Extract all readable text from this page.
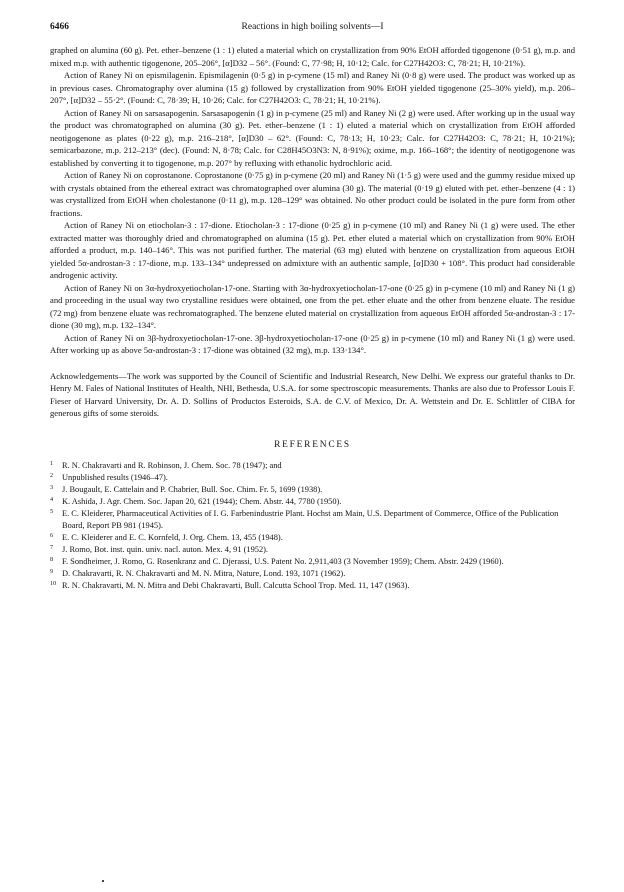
6466	Reactions in high boiling solvents—I

graphed on alumina (60 g). Pet. ether–benzene (1 : 1) eluted a material which on crystallization from 90% EtOH afforded tigogenone (0·51 g), m.p. and mixed m.p. with authentic tigogenone, 205–206°, [α]D32 – 56°. (Found: C, 77·98; H, 10·12; Calc. for C27H42O3: C, 78·21; H, 10·21%).

Action of Raney Ni on epismilagenin. Epismilagenin (0·5 g) in p-cymene (15 ml) and Raney Ni (0·8 g) were used. The product was worked up as in previous cases. Chromatography over alumina (15 g) followed by crystallization from 90% EtOH yielded tigogenone (25–30% yield), m.p. 206–207°, [α]D32 – 55·2°. (Found: C, 78·39; H, 10·26; Calc. for C27H42O3: C, 78·21; H, 10·21%).

Action of Raney Ni on sarsasapogenin. Sarsasapogenin (1 g) in p-cymene (25 ml) and Raney Ni (2 g) were used. After working up in the usual way the product was chromatographed on alumina (30 g). Pet. ether–benzene (1 : 1) eluted a material which on crystallization from EtOH afforded neotigogenone as plates (0·22 g), m.p. 216–218°, [α]D30 – 62°. (Found: C, 78·13; H, 10·23; Calc. for C27H42O3: C, 78·21; H, 10·21%); semicarbazone, m.p. 212–213° (dec). (Found: N, 8·78; Calc. for C28H45O3N3: N, 8·91%); oxime, m.p. 166–168°; the identity of neotigogenone was established by converting it to tigogenone, m.p. 207° by refluxing with ethanolic hydrochloric acid.

Action of Raney Ni on coprostanone. Coprostanone (0·75 g) in p-cymene (20 ml) and Raney Ni (1·5 g) were used and the gummy residue mixed up with crystals obtained from the ethereal extract was chromatographed over alumina (30 g). The material (0·19 g) eluted with pet. ether–benzene (4 : 1) was crystallized from EtOH when cholestanone (0·11 g), m.p. 128–129° was obtained. No other product could be isolated in the pure form from other fractions.

Action of Raney Ni on etiocholan-3 : 17-dione. Etiocholan-3 : 17-dione (0·25 g) in p-cymene (10 ml) and Raney Ni (1 g) were used. The ether extracted matter was thoroughly dried and chromatographed on alumina (15 g). Pet. ether eluted a material which on crystallization from 90% EtOH afforded a product, m.p. 140–146°. This was not purified further. The material (63 mg) eluted with benzene on crystallization from aqueous EtOH yielded 5α-androstan-3 : 17-dione, m.p. 133–134° undepressed on admixture with an authentic sample, [α]D30 + 108°. This product had considerable androgenic activity.

Action of Raney Ni on 3α-hydroxyetiocholan-17-one. Starting with 3α-hydroxyetiocholan-17-one (0·25 g) in p-cymene (10 ml) and Raney Ni (1 g) and proceeding in the usual way two crystalline residues were obtained, one from the pet. ether eluate and the other from benzene eluate. The residue (72 mg) from benzene eluate was rechromatographed. The benzene eluted material on crystallization from aqueous EtOH afforded 5α-androstan-3 : 17-dione (30 mg), m.p. 132–134°.

Action of Raney Ni on 3β-hydroxyetiocholan-17-one. 3β-hydroxyetiocholan-17-one (0·25 g) in p-cymene (10 ml) and Raney Ni (1 g) were used. After working up as above 5α-androstan-3 : 17-dione was obtained (32 mg), m.p. 133·134°.

Acknowledgements—The work was supported by the Council of Scientific and Industrial Research, New Delhi. We express our grateful thanks to Dr. Henry M. Fales of National Institutes of Health, NHI, Bethesda, U.S.A. for some spectroscopic measurements. Thanks are also due to Professor Louis F. Fieser of Harvard University, Dr. A. D. Sollins of Productos Esteroids, S.A. de C.V. of Mexico, Dr. A. Wettstein and Dr. E. Schlittler of CIBA for generous gifts of some steroids.

REFERENCES
1 R. N. Chakravarti and R. Robinson, J. Chem. Soc. 78 (1947); and
2 Unpublished results (1946–47).
3 J. Bougault, E. Cattelain and P. Chabrier, Bull. Soc. Chim. Fr. 5, 1699 (1938).
4 K. Ashida, J. Agr. Chem. Soc. Japan 20, 621 (1944); Chem. Abstr. 44, 7780 (1950).
5 E. C. Kleiderer, Pharmaceutical Activities of I. G. Farbenindustrie Plant. Hochst am Main, U.S. Department of Commerce, Office of the Publication Board, Report PB 981 (1945).
6 E. C. Kleiderer and E. C. Kornfeld, J. Org. Chem. 13, 455 (1948).
7 J. Romo, Bot. inst. quin. univ. nacl. auton. Mex. 4, 91 (1952).
8 F. Sondheimer, J. Romo, G. Rosenkranz and C. Djerassi, U.S. Patent No. 2,911,403 (3 November 1959); Chem. Abstr. 2429 (1960).
9 D. Chakravarti, R. N. Chakravarti and M. N. Mitra, Nature, Lond. 193, 1071 (1962).
10 R. N. Chakravarti, M. N. Mitra and Debi Chakravarti, Bull. Calcutta School Trop. Med. 11, 147 (1963).
